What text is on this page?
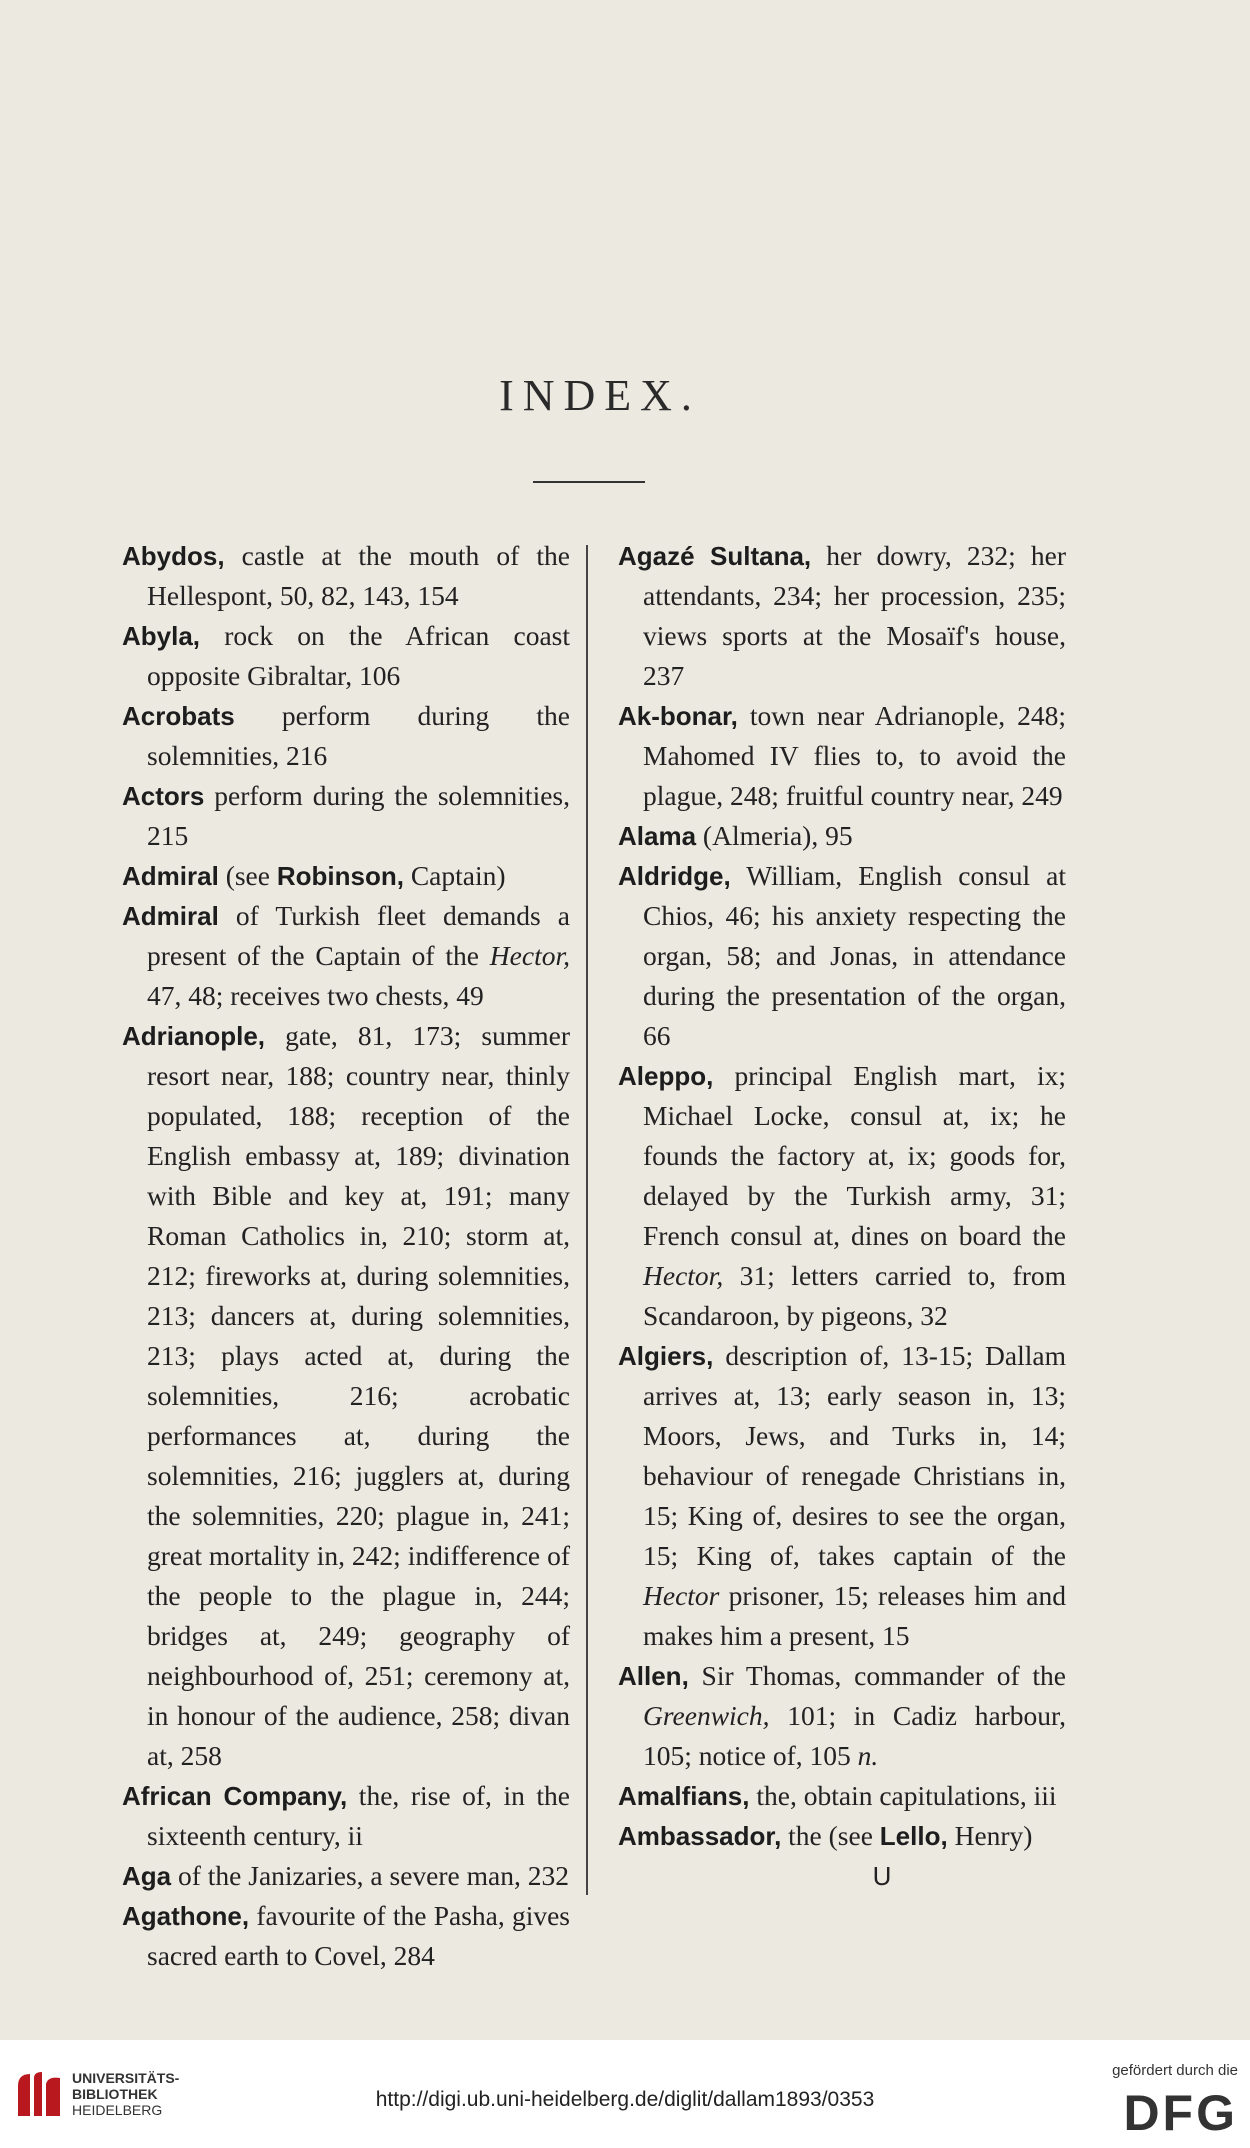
INDEX.

Abydos, castle at the mouth of the Hellespont, 50, 82, 143, 154

Abyla, rock on the African coast opposite Gibraltar, 106

Acrobats perform during the solemnities, 216

Actors perform during the solemnities, 215

Admiral (see Robinson, Captain)

Admiral of Turkish fleet demands a present of the Captain of the Hector, 47, 48; receives two chests, 49

Adrianople, gate, 81, 173; summer resort near, 188; country near, thinly populated, 188; reception of the English embassy at, 189; divination with Bible and key at, 191; many Roman Catholics in, 210; storm at, 212; fireworks at, during solemnities, 213; dancers at, during solemnities, 213; plays acted at, during the solemnities, 216; acrobatic performances at, during the solemnities, 216; jugglers at, during the solemnities, 220; plague in, 241; great mortality in, 242; indifference of the people to the plague in, 244; bridges at, 249; geography of neighbourhood of, 251; ceremony at, in honour of the audience, 258; divan at, 258

African Company, the, rise of, in the sixteenth century, ii

Aga of the Janizaries, a severe man, 232

Agathone, favourite of the Pasha, gives sacred earth to Covel, 284

Agazé Sultana, her dowry, 232; her attendants, 234; her procession, 235; views sports at the Mosaïf's house, 237

Ak-bonar, town near Adrianople, 248; Mahomed IV flies to, to avoid the plague, 248; fruitful country near, 249

Alama (Almeria), 95

Aldridge, William, English consul at Chios, 46; his anxiety respecting the organ, 58; and Jonas, in attendance during the presentation of the organ, 66

Aleppo, principal English mart, ix; Michael Locke, consul at, ix; he founds the factory at, ix; goods for, delayed by the Turkish army, 31; French consul at, dines on board the Hector, 31; letters carried to, from Scandaroon, by pigeons, 32

Algiers, description of, 13-15; Dallam arrives at, 13; early season in, 13; Moors, Jews, and Turks in, 14; behaviour of renegade Christians in, 15; King of, desires to see the organ, 15; King of, takes captain of the Hector prisoner, 15; releases him and makes him a present, 15

Allen, Sir Thomas, commander of the Greenwich, 101; in Cadiz harbour, 105; notice of, 105 n.

Amalfians, the, obtain capitulations, iii

Ambassador, the (see Lello, Henry)

U
UNIVERSITÄTS-
BIBLIOTHEK
HEIDELBERG	http://digi.ub.uni-heidelberg.de/diglit/dallam1893/0353
gefördert durch die
DFG
